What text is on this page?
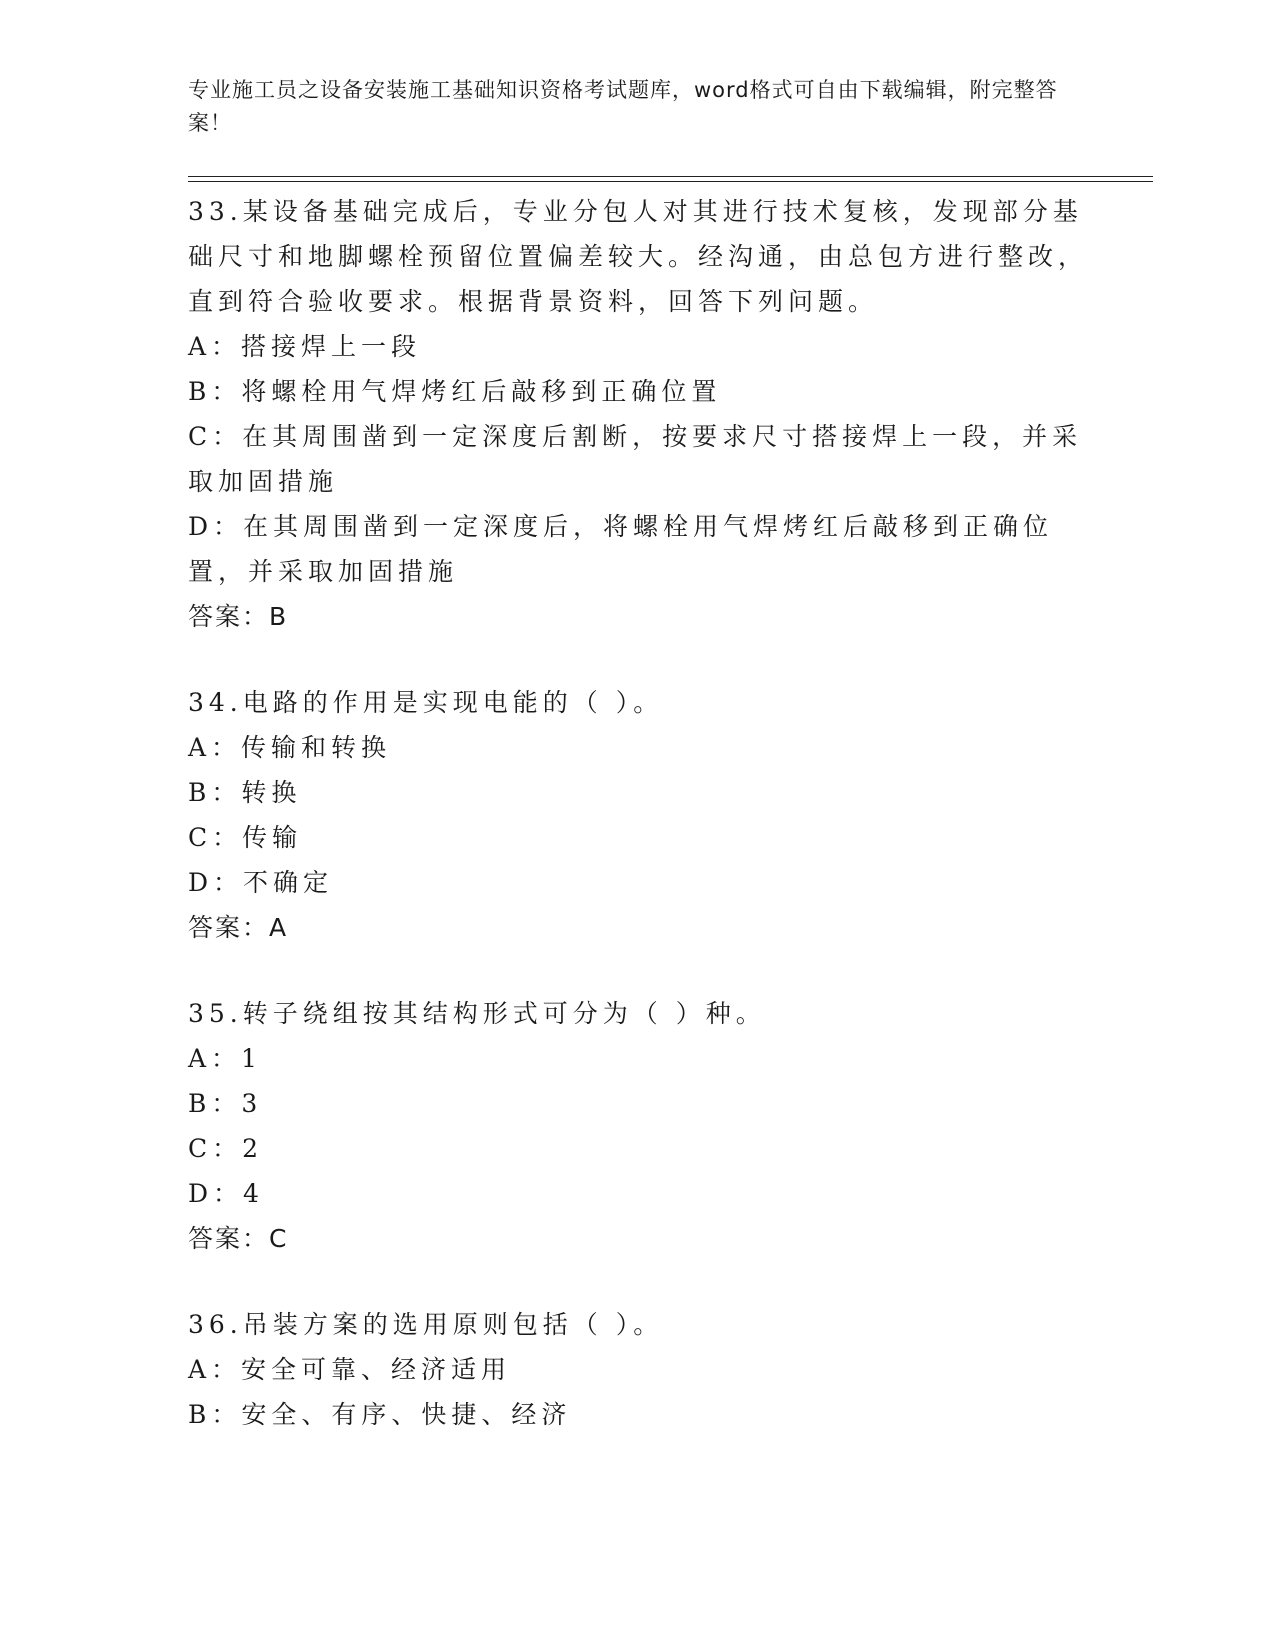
专业施工员之设备安装施工基础知识资格考试题库，word格式可自由下载编辑，附完整答案！
33.某设备基础完成后，专业分包人对其进行技术复核，发现部分基础尺寸和地脚螺栓预留位置偏差较大。经沟通，由总包方进行整改，直到符合验收要求。根据背景资料，回答下列问题。
A：搭接焊上一段
B：将螺栓用气焊烤红后敲移到正确位置
C：在其周围凿到一定深度后割断，按要求尺寸搭接焊上一段，并采取加固措施
D：在其周围凿到一定深度后，将螺栓用气焊烤红后敲移到正确位置，并采取加固措施
答案：B
34.电路的作用是实现电能的（ ）。
A：传输和转换
B：转换
C：传输
D：不确定
答案：A
35.转子绕组按其结构形式可分为（ ）种。
A：1
B：3
C：2
D：4
答案：C
36.吊装方案的选用原则包括（ ）。
A：安全可靠、经济适用
B：安全、有序、快捷、经济
